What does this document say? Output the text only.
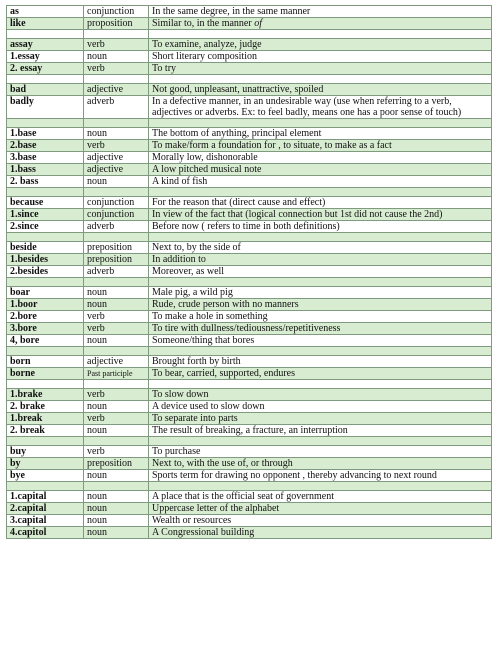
as	conjunction	In the same degree, in the same manner
like	proposition	Similar to, in the manner of

assay	verb	To examine, analyze, judge
1.essay	noun	Short literary composition
2. essay	verb	To try

bad	adjective	Not good, unpleasant, unattractive, spoiled
badly	adverb	In a defective manner, in an undesirable way (use when referring to a verb, adjectives or adverbs. Ex: to feel badly, means one has a poor sense of touch)

1.base	noun	The bottom of anything, principal element
2.base	verb	To make/form a foundation for , to situate, to make as a fact
3.base	adjective	Morally low, dishonorable
1.bass	adjective	A low pitched musical note
2. bass	noun	A kind of fish

because	conjunction	For the reason that (direct cause and effect)
1.since	conjunction	In view of the fact that (logical connection but 1st did not cause the 2nd)
2.since	adverb	Before now ( refers to time in both definitions)

beside	preposition	Next to, by the side of
1.besides	preposition	In addition to
2.besides	adverb	Moreover, as well

boar	noun	Male pig, a wild pig
1.boor	noun	Rude, crude person with no manners
2.bore	verb	To make a hole in something
3.bore	verb	To tire with dullness/tediousness/repetitiveness
4, bore	noun	Someone/thing that bores

born	adjective	Brought forth by birth
borne	Past participle	To bear, carried, supported, endures

1.brake	verb	To slow down
2. brake	noun	A device used to slow down
1.break	verb	To separate into parts
2. break	noun	The result of breaking, a fracture, an interruption

buy	verb	To purchase
by	preposition	Next to, with the use of, or through
bye	noun	Sports term for drawing no opponent , thereby advancing to next round

1.capital	noun	A place that is the official seat of government
2.capital	noun	Uppercase letter of the alphabet
3.capital	noun	Wealth or resources
4.capitol	noun	A Congressional building
